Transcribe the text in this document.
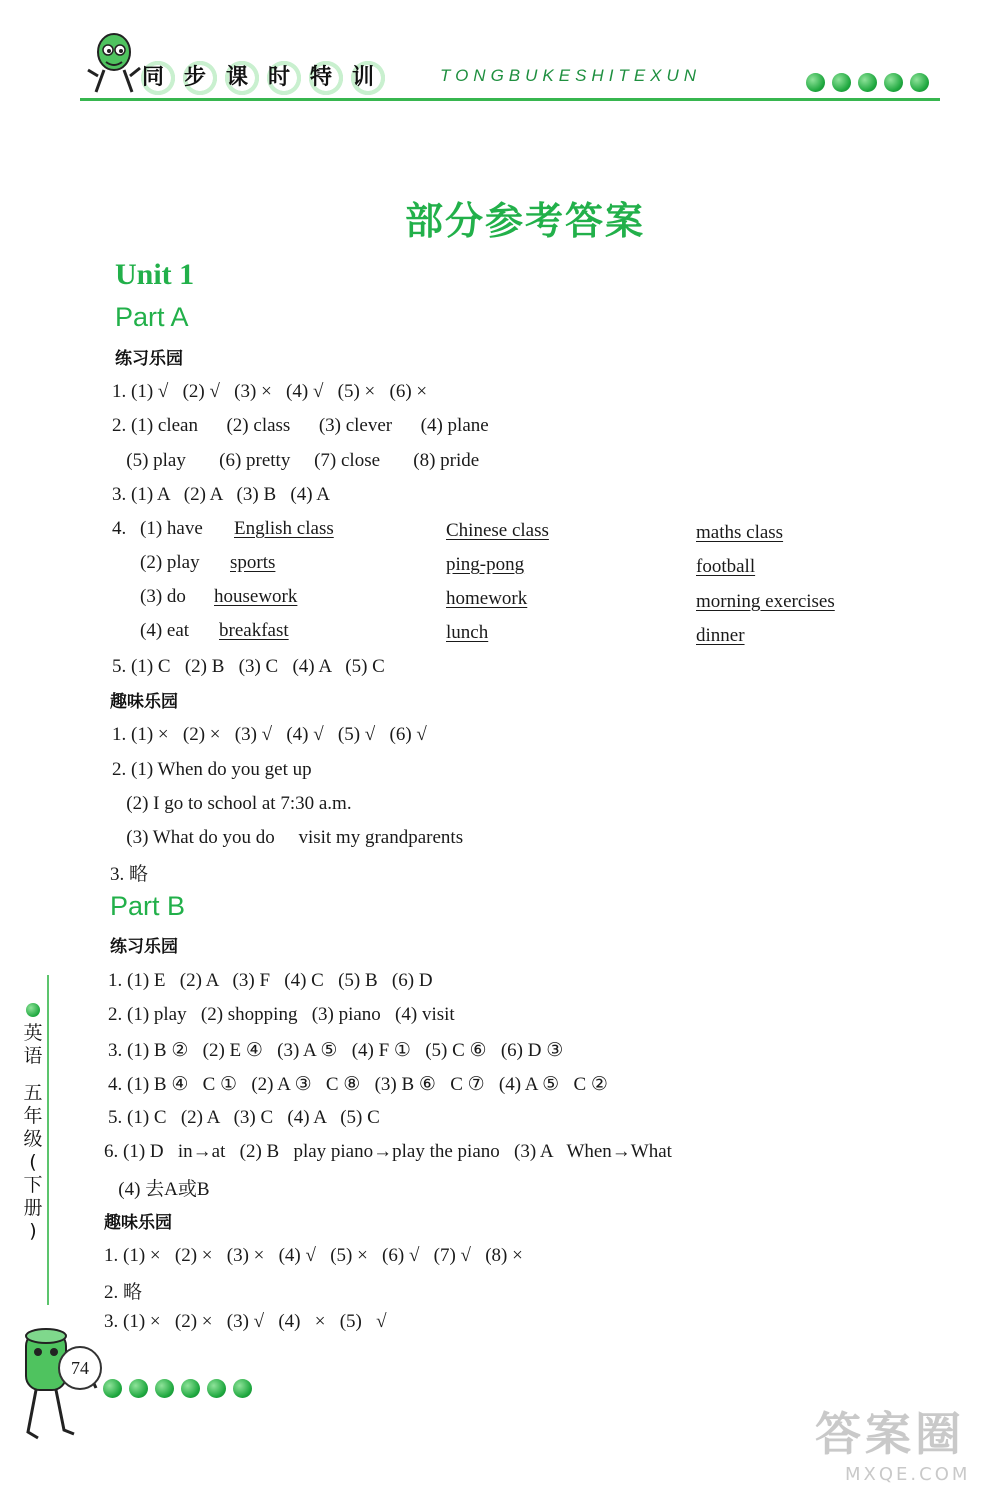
同 步 课 时 特 训	TONGBUKESHITEXUN
部分参考答案
Unit 1
Part A
练习乐园
1. (1) √   (2) √   (3) ×   (4) √   (5) ×   (6) ×
2. (1) clean      (2) class      (3) clever      (4) plane
(5) play       (6) pretty     (7) close       (8) pride
3. (1) A   (2) A   (3) B   (4) A
4. (1) have English class	Chinese class	maths class
(2) play sports	ping-pong	football
(3) do housework	homework	morning exercises
(4) eat breakfast	lunch	dinner
5. (1) C   (2) B   (3) C   (4) A   (5) C
趣味乐园
1. (1) ×   (2) ×   (3) √   (4) √   (5) √   (6) √
2. (1) When do you get up
(2) I go to school at 7:30 a.m.
(3) What do you do     visit my grandparents
3. 略
Part B
练习乐园
1. (1) E   (2) A   (3) F   (4) C   (5) B   (6) D
2. (1) play   (2) shopping   (3) piano   (4) visit
3. (1) B ②   (2) E ④   (3) A ⑤   (4) F ①   (5) C ⑥   (6) D ③
4. (1) B ④   C ①   (2) A ③   C ⑧   (3) B ⑥   C ⑦   (4) A ⑤   C ②
5. (1) C   (2) A   (3) C   (4) A   (5) C
6. (1) D   in→at   (2) B   play piano→play the piano   (3) A   When→What
(4) 去A或B
趣味乐园
1. (1) ×   (2) ×   (3) ×   (4) √   (5) ×   (6) √   (7) √   (8) ×
2. 略
3. (1) ×   (2) ×   (3) √   (4)   ×   (5)   √
英
语
五
年
级
(
下
册
)
74
答案圈
MXQE.COM
